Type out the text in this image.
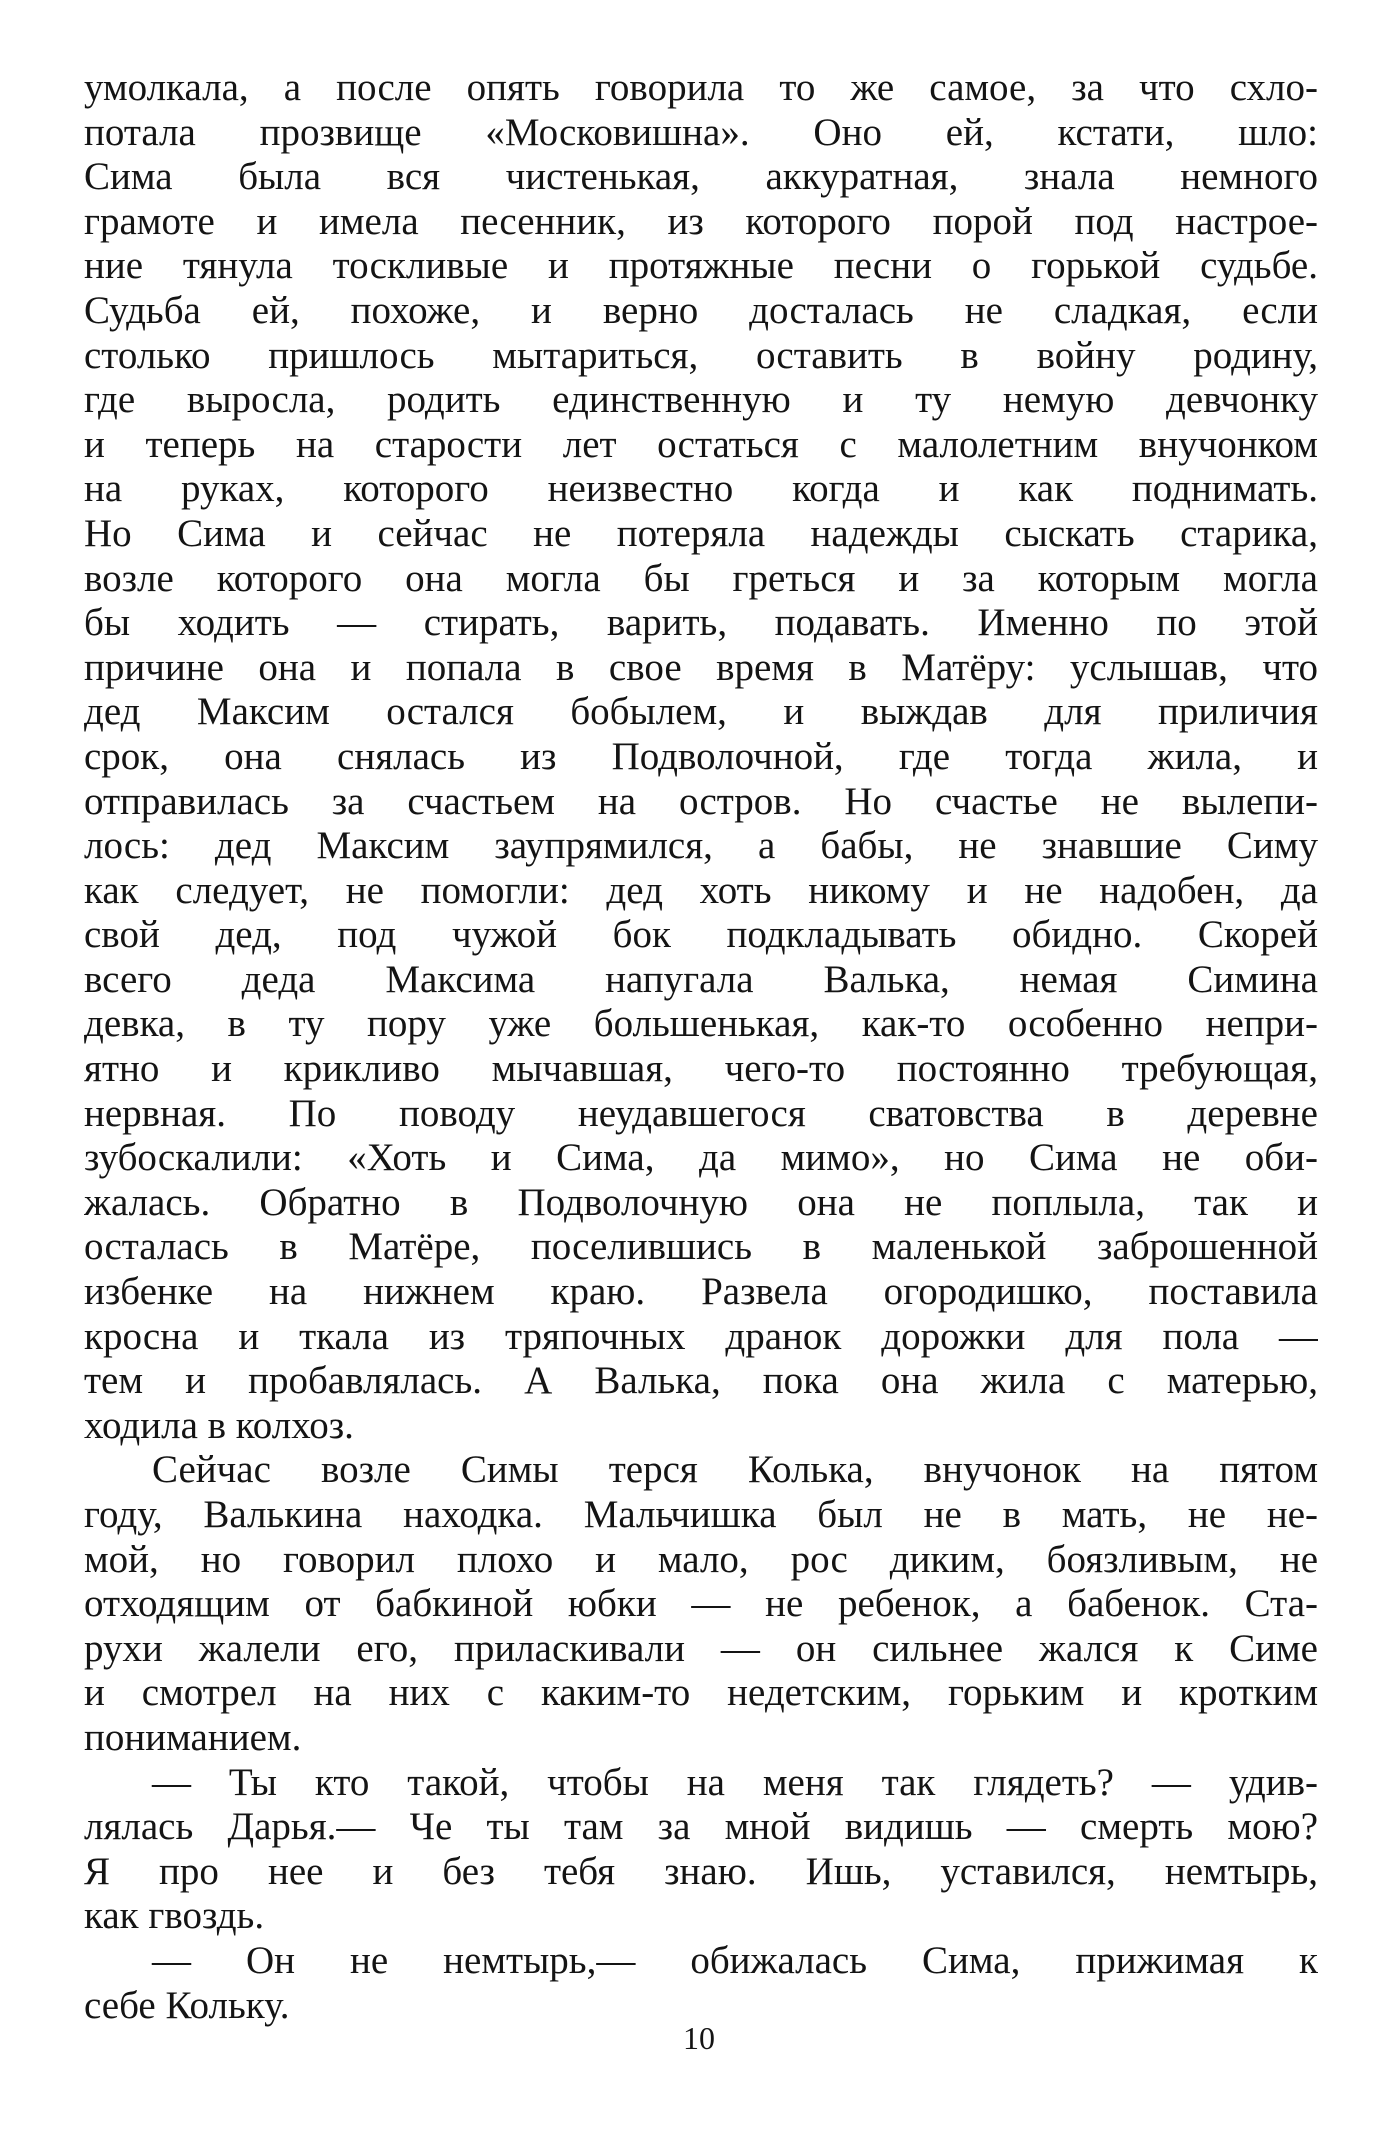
умолкала, а после опять говорила то же самое, за что схло-
потала прозвище «Московишна». Оно ей, кстати, шло:
Сима была вся чистенькая, аккуратная, знала немного
грамоте и имела песенник, из которого порой под настрое-
ние тянула тоскливые и протяжные песни о горькой судьбе.
Судьба ей, похоже, и верно досталась не сладкая, если
столько пришлось мытариться, оставить в войну родину,
где выросла, родить единственную и ту немую девчонку
и теперь на старости лет остаться с малолетним внучонком
на руках, которого неизвестно когда и как поднимать.
Но Сима и сейчас не потеряла надежды сыскать старика,
возле которого она могла бы греться и за которым могла
бы ходить — стирать, варить, подавать. Именно по этой
причине она и попала в свое время в Матёру: услышав, что
дед Максим остался бобылем, и выждав для приличия
срок, она снялась из Подволочной, где тогда жила, и
отправилась за счастьем на остров. Но счастье не вылепи-
лось: дед Максим заупрямился, а бабы, не знавшие Симу
как следует, не помогли: дед хоть никому и не надобен, да
свой дед, под чужой бок подкладывать обидно. Скорей
всего деда Максима напугала Валька, немая Симина
девка, в ту пору уже большенькая, как-то особенно непри-
ятно и крикливо мычавшая, чего-то постоянно требующая,
нервная. По поводу неудавшегося сватовства в деревне
зубоскалили: «Хоть и Сима, да мимо», но Сима не оби-
жалась. Обратно в Подволочную она не поплыла, так и
осталась в Матёре, поселившись в маленькой заброшенной
избенке на нижнем краю. Развела огородишко, поставила
кросна и ткала из тряпочных дранок дорожки для пола —
тем и пробавлялась. А Валька, пока она жила с матерью,
ходила в колхоз.
Сейчас возле Симы терся Колька, внучонок на пятом
году, Валькина находка. Мальчишка был не в мать, не не-
мой, но говорил плохо и мало, рос диким, боязливым, не
отходящим от бабкиной юбки — не ребенок, а бабенок. Ста-
рухи жалели его, приласкивали — он сильнее жался к Симе
и смотрел на них с каким-то недетским, горьким и кротким
пониманием.
— Ты кто такой, чтобы на меня так глядеть? — удив-
лялась Дарья.— Че ты там за мной видишь — смерть мою?
Я про нее и без тебя знаю. Ишь, уставился, немтырь,
как гвоздь.
— Он не немтырь,— обижалась Сима, прижимая к
себе Кольку.
10
